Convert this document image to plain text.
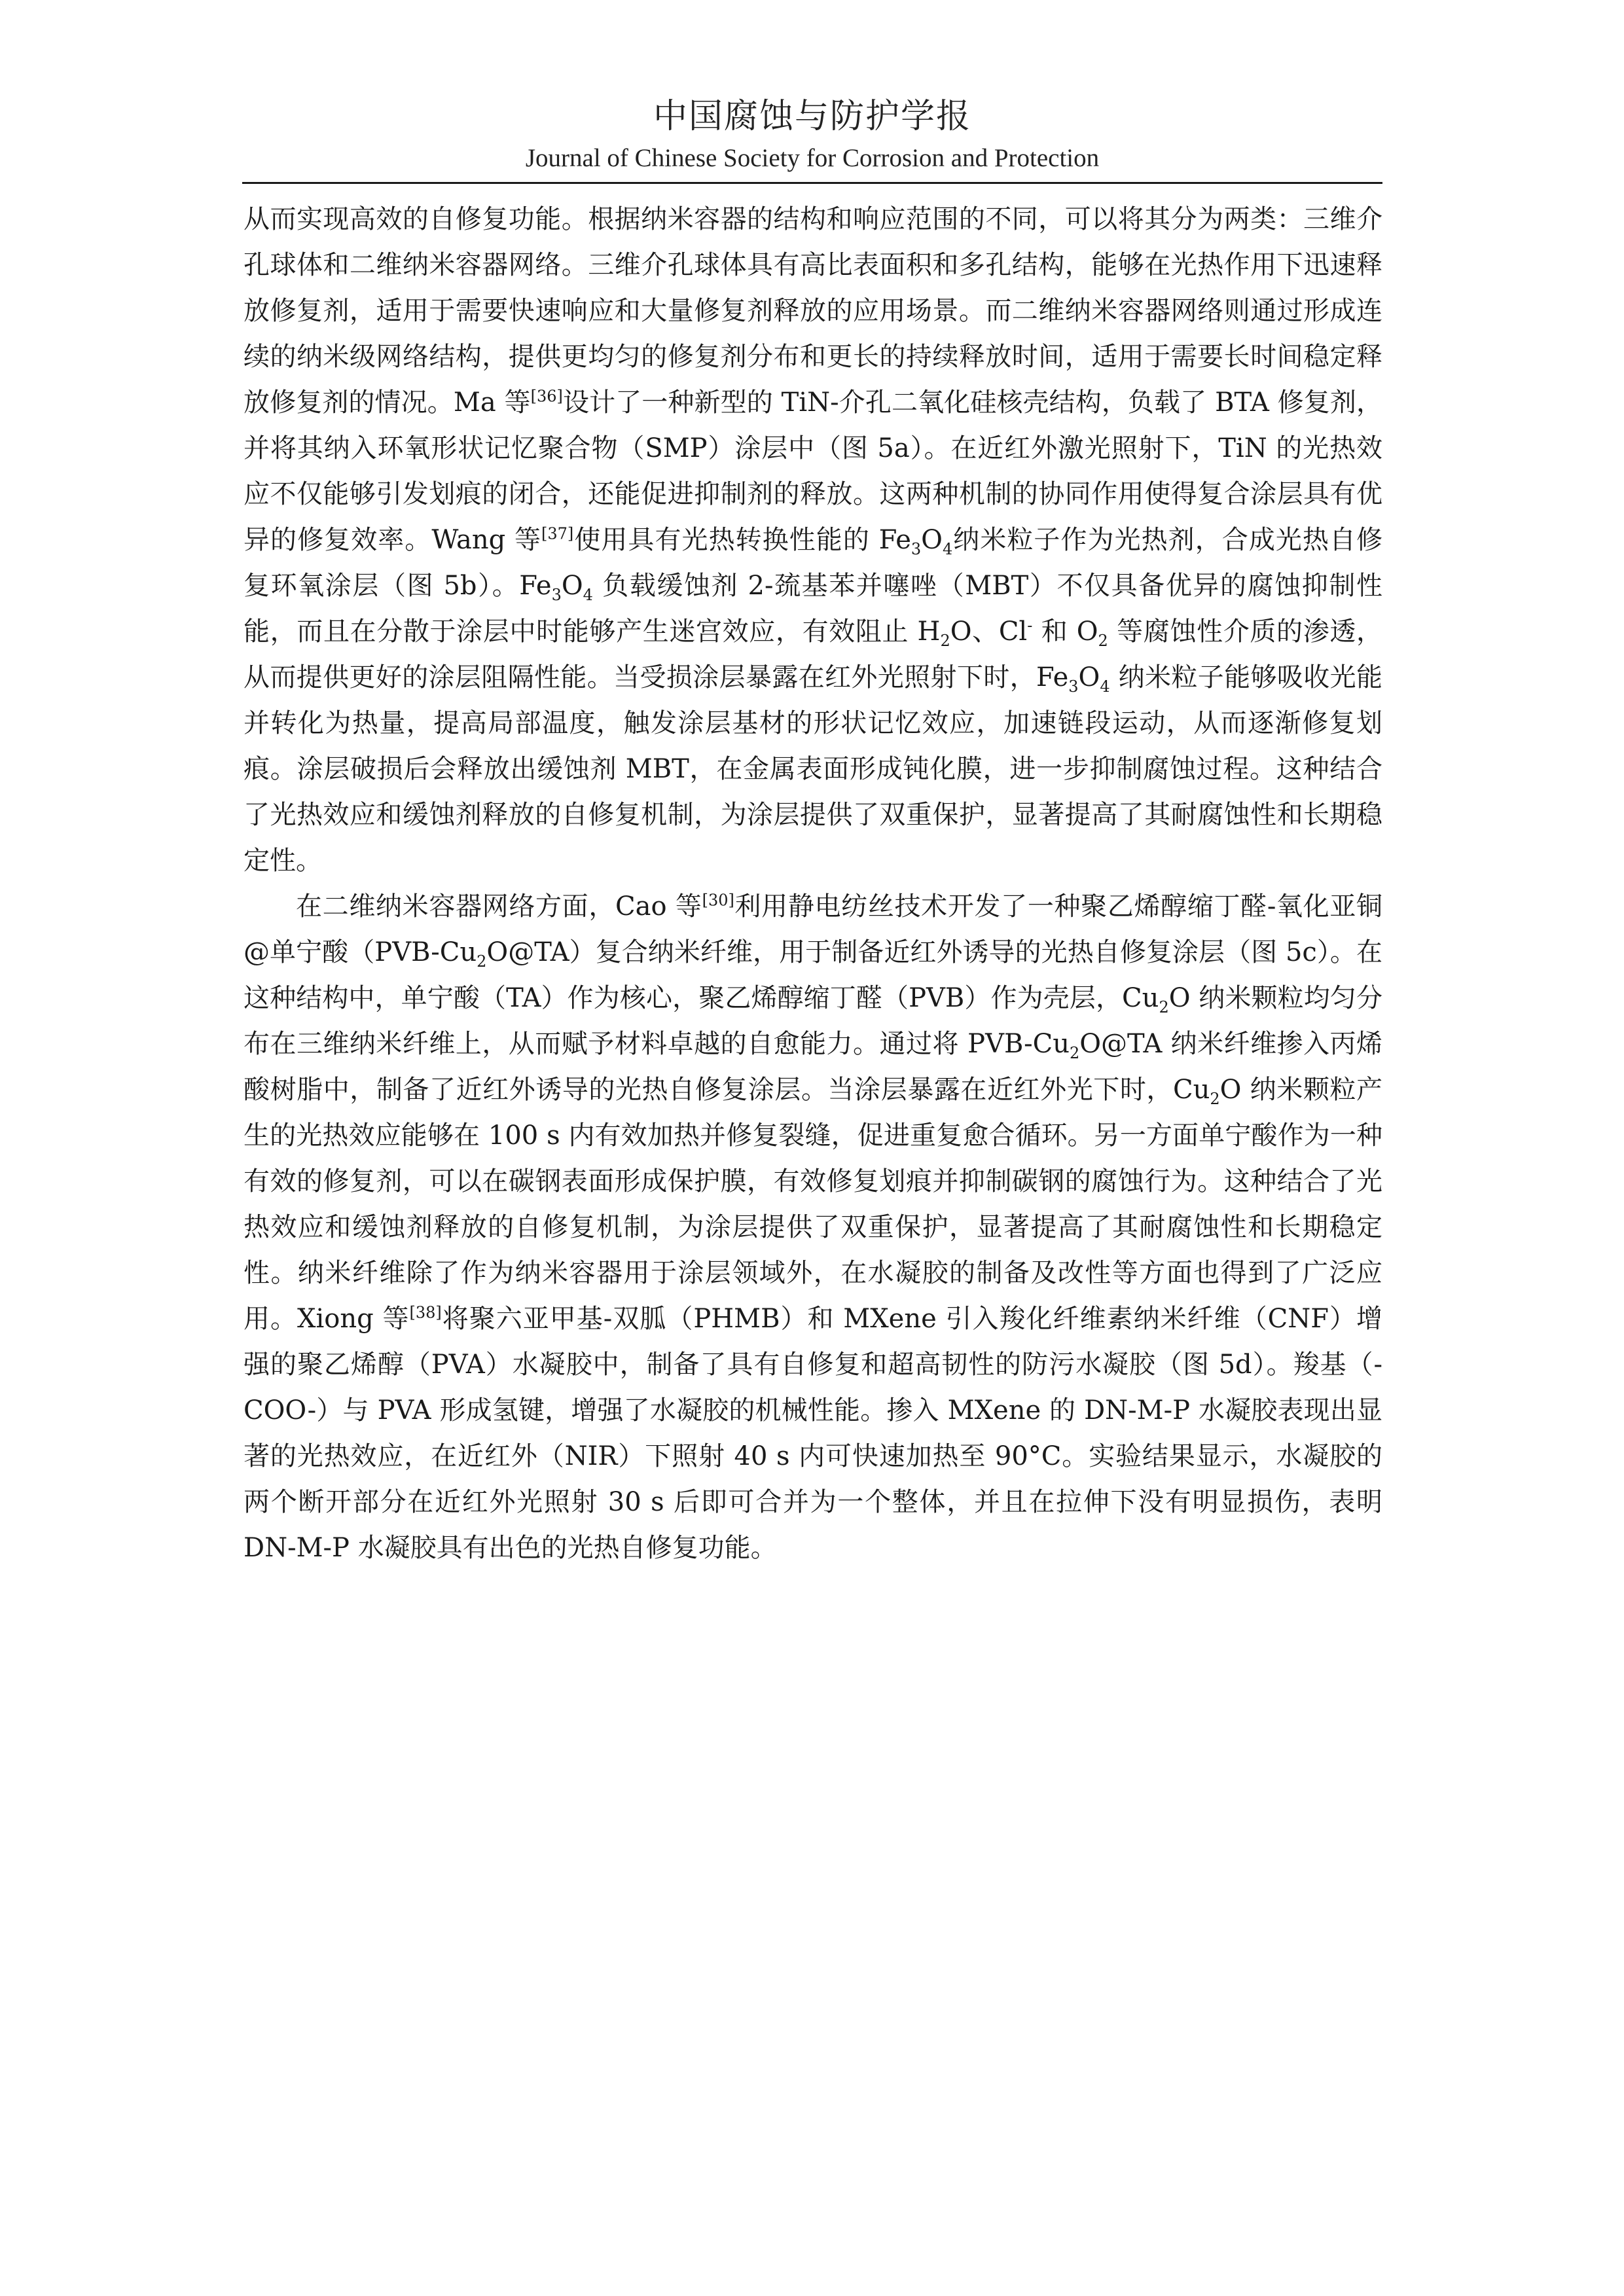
中国腐蚀与防护学报
Journal of Chinese Society for Corrosion and Protection

从而实现高效的自修复功能。根据纳米容器的结构和响应范围的不同，可以将其分为两类：三维介孔球体和二维纳米容器网络。三维介孔球体具有高比表面积和多孔结构，能够在光热作用下迅速释放修复剂，适用于需要快速响应和大量修复剂释放的应用场景。而二维纳米容器网络则通过形成连续的纳米级网络结构，提供更均匀的修复剂分布和更长的持续释放时间，适用于需要长时间稳定释放修复剂的情况。Ma 等[36]设计了一种新型的 TiN-介孔二氧化硅核壳结构，负载了 BTA 修复剂，并将其纳入环氧形状记忆聚合物（SMP）涂层中（图 5a）。在近红外激光照射下，TiN 的光热效应不仅能够引发划痕的闭合，还能促进抑制剂的释放。这两种机制的协同作用使得复合涂层具有优异的修复效率。Wang 等[37]使用具有光热转换性能的 $Fe_3O_4$纳米粒子作为光热剂，合成光热自修复环氧涂层（图 5b）。$Fe_3O_4$ 负载缓蚀剂 2-巯基苯并噻唑（MBT）不仅具备优异的腐蚀抑制性能，而且在分散于涂层中时能够产生迷宫效应，有效阻止 $H_2O$、Cl- 和 $O_2$ 等腐蚀性介质的渗透，从而提供更好的涂层阻隔性能。当受损涂层暴露在红外光照射下时，$Fe_3O_4$ 纳米粒子能够吸收光能并转化为热量，提高局部温度，触发涂层基材的形状记忆效应，加速链段运动，从而逐渐修复划痕。涂层破损后会释放出缓蚀剂 MBT，在金属表面形成钝化膜，进一步抑制腐蚀过程。这种结合了光热效应和缓蚀剂释放的自修复机制，为涂层提供了双重保护，显著提高了其耐腐蚀性和长期稳定性。

在二维纳米容器网络方面，Cao 等[30]利用静电纺丝技术开发了一种聚乙烯醇缩丁醛-氧化亚铜@单宁酸$(PVB-Cu_2O@TA)$复合纳米纤维，用于制备近红外诱导的光热自修复涂层（图 5c）。在这种结构中，单宁酸（TA）作为核心，聚乙烯醇缩丁醛（PVB）作为壳层，$Cu_2O$ 纳米颗粒均匀分布在三维纳米纤维上，从而赋予材料卓越的自愈能力。通过将 PVB-$Cu_2O@TA$ 纳米纤维掺入丙烯酸树脂中，制备了近红外诱导的光热自修复涂层。当涂层暴露在近红外光下时，$Cu_2O$ 纳米颗粒产生的光热效应能够在 100 s 内有效加热并修复裂缝，促进重复愈合循环。另一方面单宁酸作为一种有效的修复剂，可以在碳钢表面形成保护膜，有效修复划痕并抑制碳钢的腐蚀行为。这种结合了光热效应和缓蚀剂释放的自修复机制，为涂层提供了双重保护，显著提高了其耐腐蚀性和长期稳定性。纳米纤维除了作为纳米容器用于涂层领域外，在水凝胶的制备及改性等方面也得到了广泛应用。Xiong 等[38]将聚六亚甲基-双胍（PHMB）和 MXene 引入羧化纤维素纳米纤维（CNF）增强的聚乙烯醇（PVA）水凝胶中，制备了具有自修复和超高韧性的防污水凝胶（图 5d）。羧基（-COO-）与 PVA 形成氢键，增强了水凝胶的机械性能。掺入 MXene 的 DN-M-P 水凝胶表现出显著的光热效应，在近红外（NIR）下照射 40 s 内可快速加热至 90°C。实验结果显示，水凝胶的两个断开部分在近红外光照射 30 s 后即可合并为一个整体，并且在拉伸下没有明显损伤，表明 DN-M-P 水凝胶具有出色的光热自修复功能。
